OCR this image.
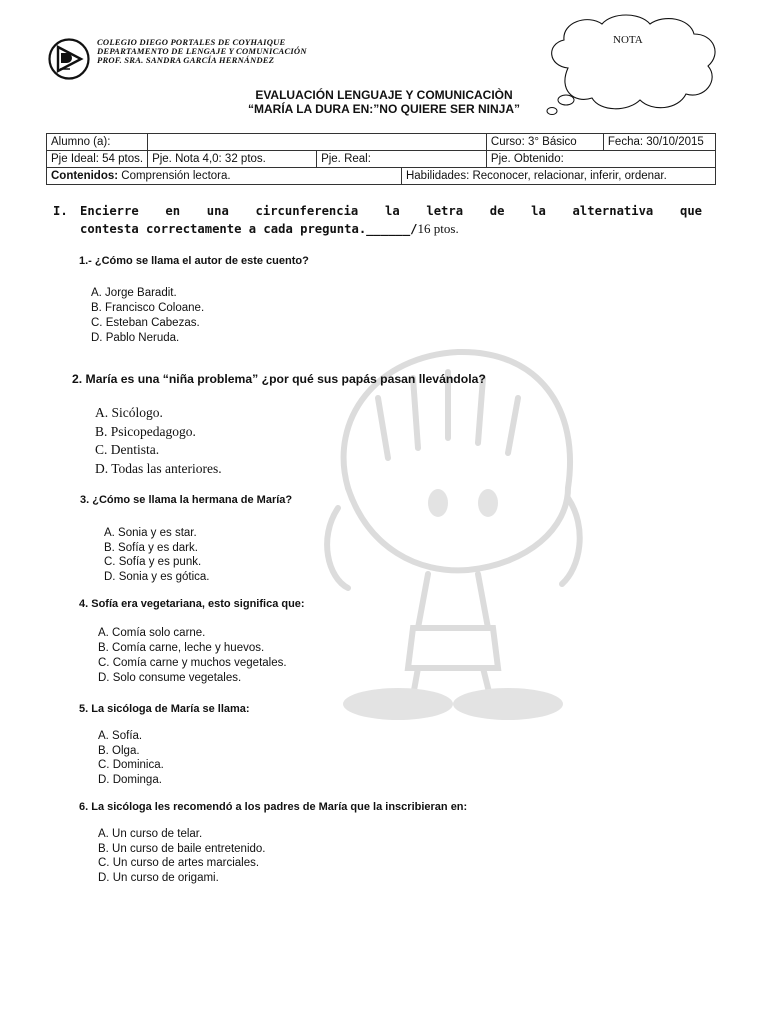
COLEGIO DIEGO PORTALES DE COYHAIQUE
DEPARTAMENTO DE LENGAJE Y COMUNICACIÓN
PROF. SRA. SANDRA GARCÍA HERNÁNDEZ
NOTA
EVALUACIÓN LENGUAJE Y COMUNICACIÒN
“MARÍA LA DURA EN:”NO QUIERE SER NINJA”
Alumno (a):				Curso: 3° Básico	Fecha: 30/10/2015
Pje Ideal: 54 ptos.	Pje. Nota 4,0: 32 ptos.	Pje. Real:		Pje. Obtenido:	
Contenidos: Comprensión lectora.			Habilidades: Reconocer, relacionar, inferir, ordenar.		
I. Encierre en una circunferencia la letra de la alternativa que
contesta correctamente a cada pregunta.______/16 ptos.
1.- ¿Cómo se llama el autor de este cuento?
A. Jorge Baradit.
B. Francisco Coloane.
C. Esteban Cabezas.
D. Pablo Neruda.
2. María es una “niña problema” ¿por qué sus papás pasan llevándola?
A. Sicólogo.
B. Psicopedagogo.
C. Dentista.
D. Todas las anteriores.
3. ¿Cómo se llama la hermana de María?
A. Sonia y es star.
B. Sofía y es dark.
C. Sofía y es punk.
D. Sonia y es gótica.
4. Sofía era vegetariana, esto significa que:
A. Comía solo carne.
B. Comía carne, leche y huevos.
C. Comía carne y muchos vegetales.
D. Solo consume vegetales.
5. La sicóloga de María se llama:
A. Sofía.
B. Olga.
C. Dominica.
D. Dominga.
6. La sicóloga les recomendó a los padres de María que la inscribieran en:
A. Un curso de telar.
B. Un curso de baile entretenido.
C. Un curso de artes marciales.
D. Un curso de origami.
